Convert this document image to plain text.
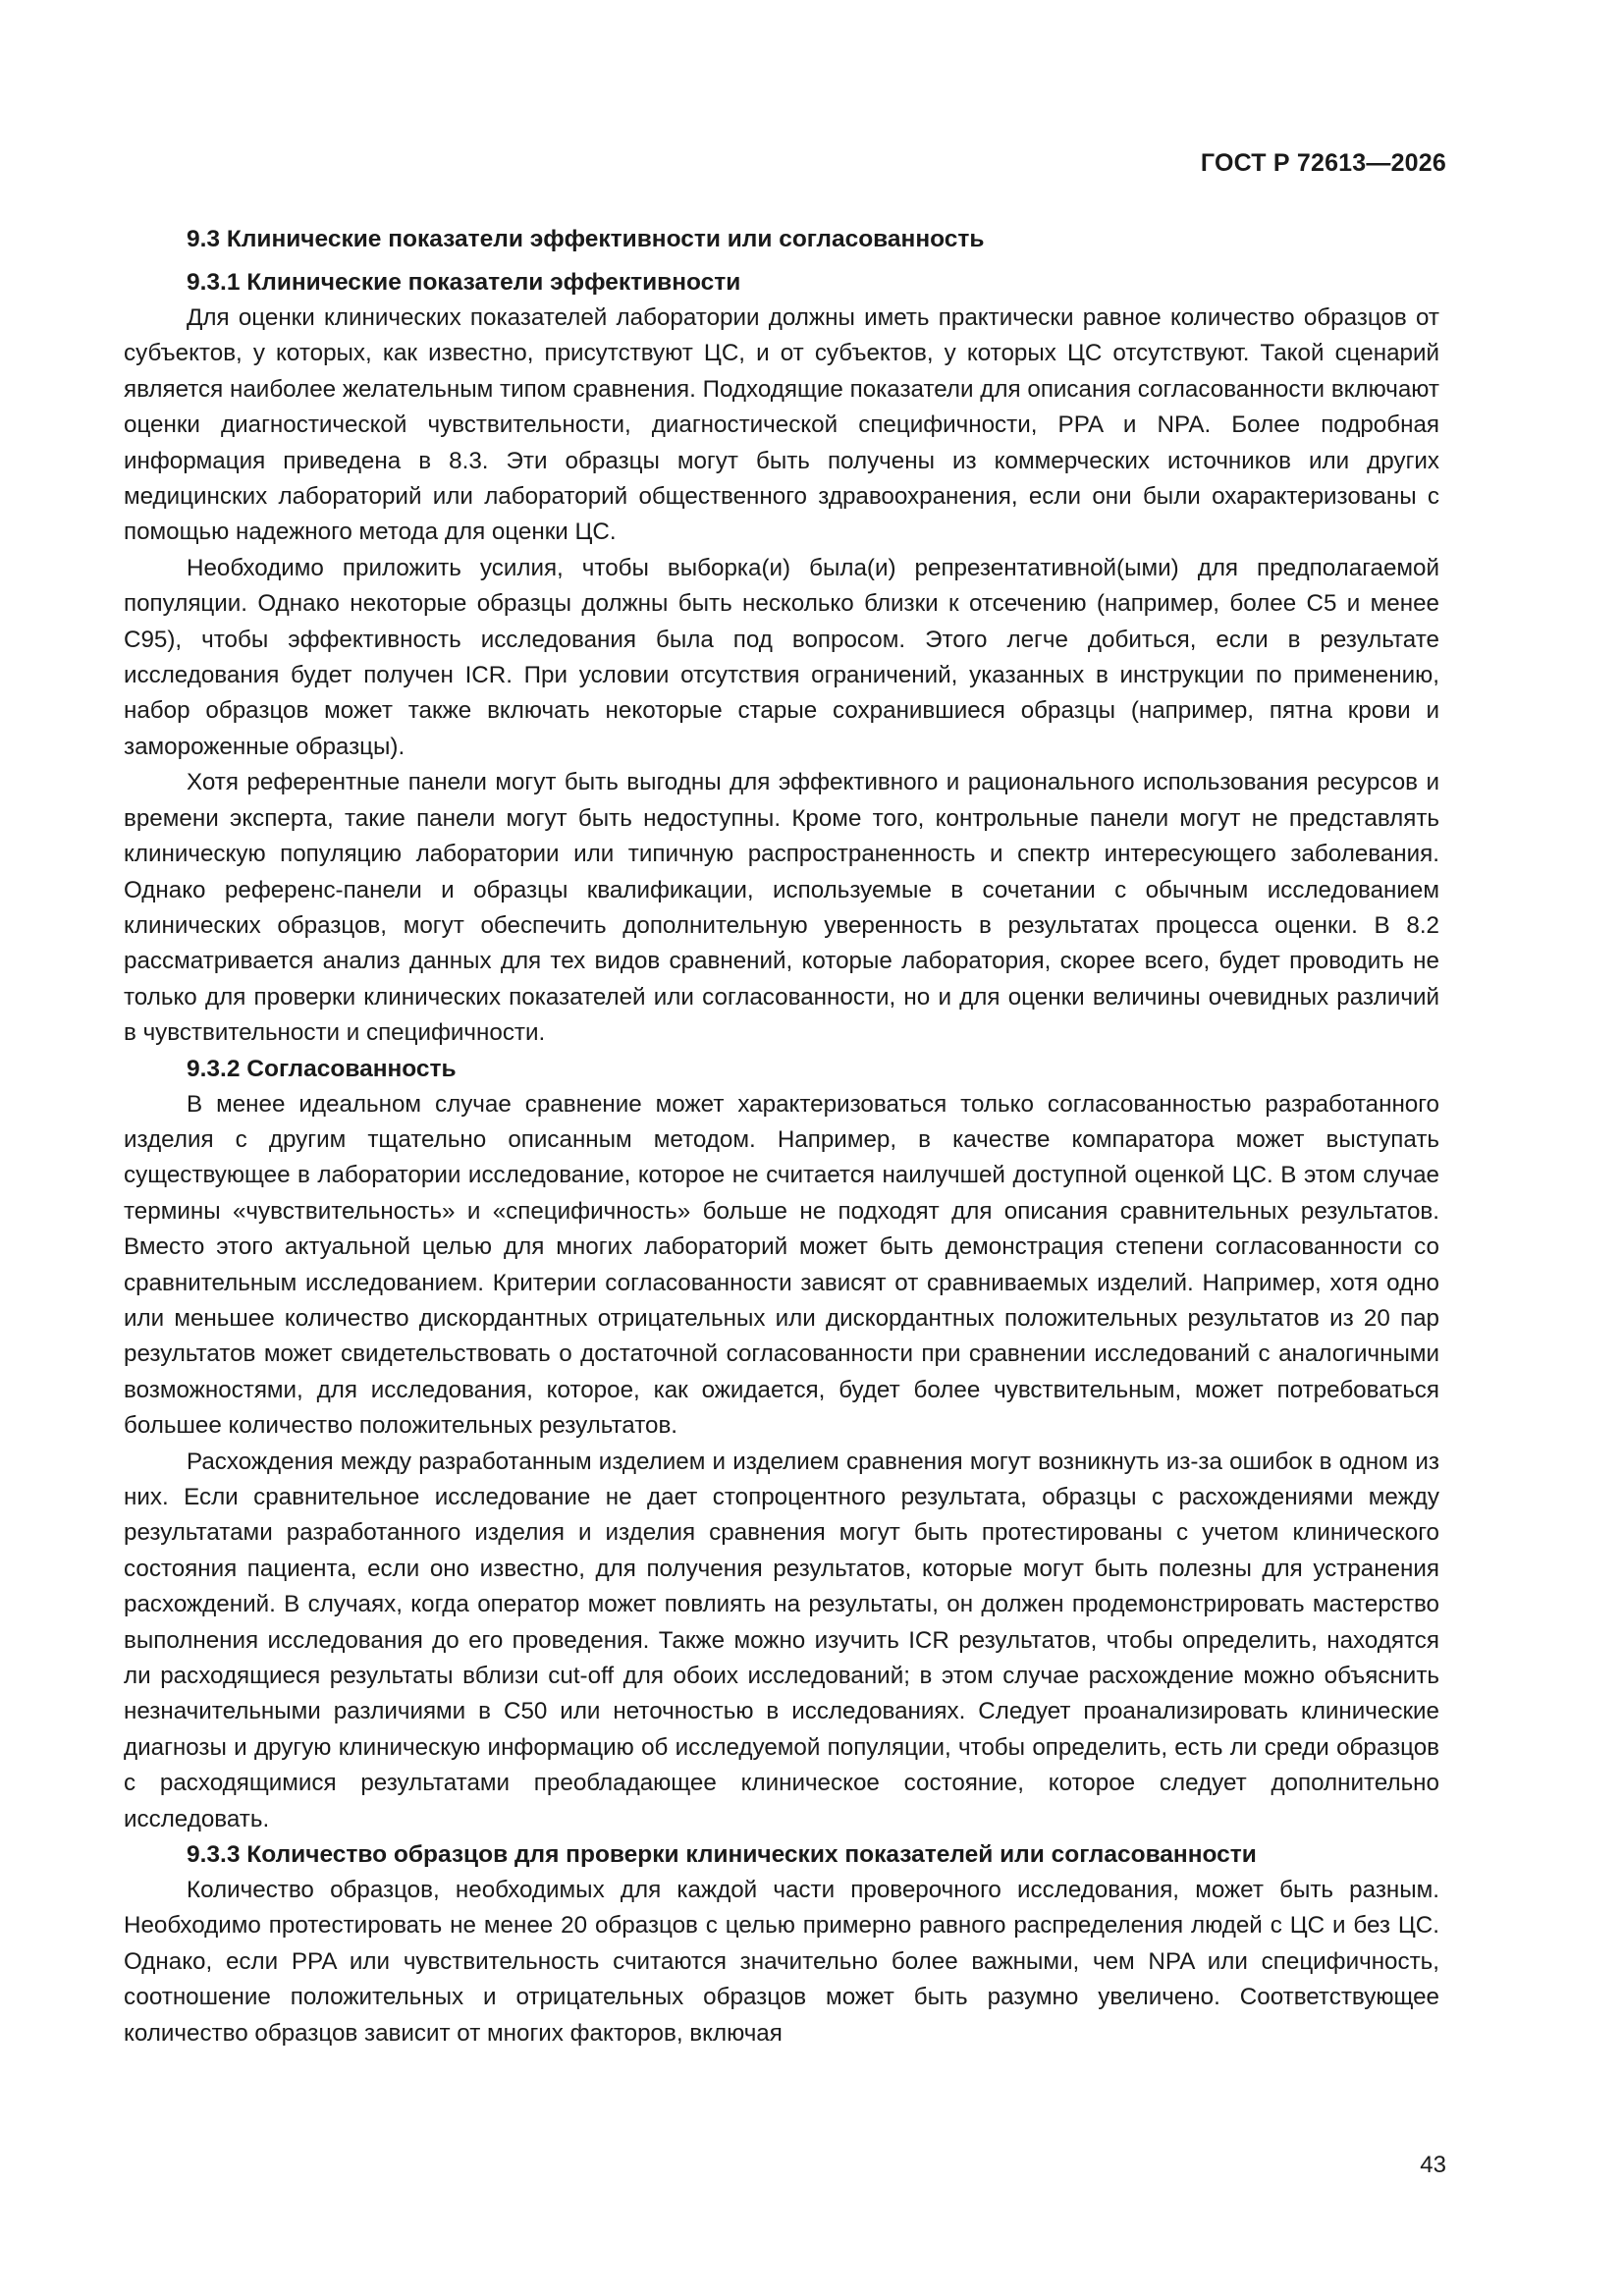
ГОСТ Р 72613—2026
9.3 Клинические показатели эффективности или согласованность
9.3.1 Клинические показатели эффективности

Для оценки клинических показателей лаборатории должны иметь практически равное количество образцов от субъектов, у которых, как известно, присутствуют ЦС, и от субъектов, у которых ЦС отсутствуют. Такой сценарий является наиболее желательным типом сравнения. Подходящие показатели для описания согласованности включают оценки диагностической чувствительности, диагностической специфичности, PPA и NPA. Более подробная информация приведена в 8.3. Эти образцы могут быть получены из коммерческих источников или других медицинских лабораторий или лабораторий общественного здравоохранения, если они были охарактеризованы с помощью надежного метода для оценки ЦС.

Необходимо приложить усилия, чтобы выборка(и) была(и) репрезентативной(ыми) для предполагаемой популяции. Однако некоторые образцы должны быть несколько близки к отсечению (например, более C5 и менее C95), чтобы эффективность исследования была под вопросом. Этого легче добиться, если в результате исследования будет получен ICR. При условии отсутствия ограничений, указанных в инструкции по применению, набор образцов может также включать некоторые старые сохранившиеся образцы (например, пятна крови и замороженные образцы).

Хотя референтные панели могут быть выгодны для эффективного и рационального использования ресурсов и времени эксперта, такие панели могут быть недоступны. Кроме того, контрольные панели могут не представлять клиническую популяцию лаборатории или типичную распространенность и спектр интересующего заболевания. Однако референс-панели и образцы квалификации, используемые в сочетании с обычным исследованием клинических образцов, могут обеспечить дополнительную уверенность в результатах процесса оценки. В 8.2 рассматривается анализ данных для тех видов сравнений, которые лаборатория, скорее всего, будет проводить не только для проверки клинических показателей или согласованности, но и для оценки величины очевидных различий в чувствительности и специфичности.

9.3.2 Согласованность

В менее идеальном случае сравнение может характеризоваться только согласованностью разработанного изделия с другим тщательно описанным методом. Например, в качестве компаратора может выступать существующее в лаборатории исследование, которое не считается наилучшей доступной оценкой ЦС. В этом случае термины «чувствительность» и «специфичность» больше не подходят для описания сравнительных результатов. Вместо этого актуальной целью для многих лабораторий может быть демонстрация степени согласованности со сравнительным исследованием. Критерии согласованности зависят от сравниваемых изделий. Например, хотя одно или меньшее количество дискордантных отрицательных или дискордантных положительных результатов из 20 пар результатов может свидетельствовать о достаточной согласованности при сравнении исследований с аналогичными возможностями, для исследования, которое, как ожидается, будет более чувствительным, может потребоваться большее количество положительных результатов.

Расхождения между разработанным изделием и изделием сравнения могут возникнуть из-за ошибок в одном из них. Если сравнительное исследование не дает стопроцентного результата, образцы с расхождениями между результатами разработанного изделия и изделия сравнения могут быть протестированы с учетом клинического состояния пациента, если оно известно, для получения результатов, которые могут быть полезны для устранения расхождений. В случаях, когда оператор может повлиять на результаты, он должен продемонстрировать мастерство выполнения исследования до его проведения. Также можно изучить ICR результатов, чтобы определить, находятся ли расходящиеся результаты вблизи cut-off для обоих исследований; в этом случае расхождение можно объяснить незначительными различиями в C50 или неточностью в исследованиях. Следует проанализировать клинические диагнозы и другую клиническую информацию об исследуемой популяции, чтобы определить, есть ли среди образцов с расходящимися результатами преобладающее клиническое состояние, которое следует дополнительно исследовать.

9.3.3 Количество образцов для проверки клинических показателей или согласованности

Количество образцов, необходимых для каждой части проверочного исследования, может быть разным. Необходимо протестировать не менее 20 образцов с целью примерно равного распределения людей с ЦС и без ЦС. Однако, если PPA или чувствительность считаются значительно более важными, чем NPA или специфичность, соотношение положительных и отрицательных образцов может быть разумно увеличено. Соответствующее количество образцов зависит от многих факторов, включая

43
